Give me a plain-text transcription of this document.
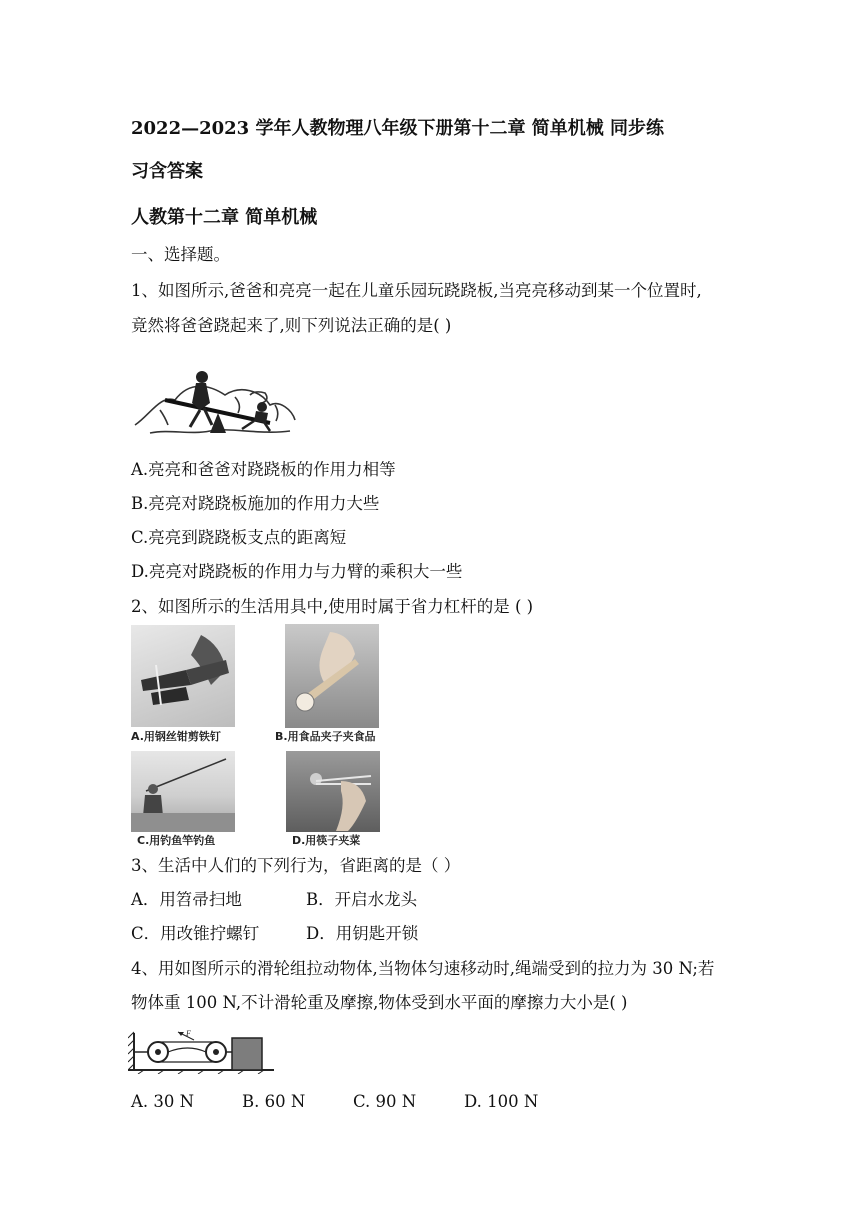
2022—2023 学年人教物理八年级下册第十二章 简单机械 同步练
习含答案
人教第十二章 简单机械
一、选择题。
1、如图所示,爸爸和亮亮一起在儿童乐园玩跷跷板,当亮亮移动到某一个位置时,
竟然将爸爸跷起来了,则下列说法正确的是( )
A.亮亮和爸爸对跷跷板的作用力相等
B.亮亮对跷跷板施加的作用力大些
C.亮亮到跷跷板支点的距离短
D.亮亮对跷跷板的作用力与力臂的乘积大一些
2、如图所示的生活用具中,使用时属于省力杠杆的是 ( )
A.用钢丝钳剪铁钉	B.用食品夹子夹食品
C.用钓鱼竿钓鱼	D.用筷子夹菜
3、生活中人们的下列行为，省距离的是（ ）
A．用笤帚扫地	B．开启水龙头
C．用改锥拧螺钉	D．用钥匙开锁
4、用如图所示的滑轮组拉动物体,当物体匀速移动时,绳端受到的拉力为 30 N;若
物体重 100 N,不计滑轮重及摩擦,物体受到水平面的摩擦力大小是( )
F
A. 30 N	B. 60 N	C. 90 N	D. 100 N
